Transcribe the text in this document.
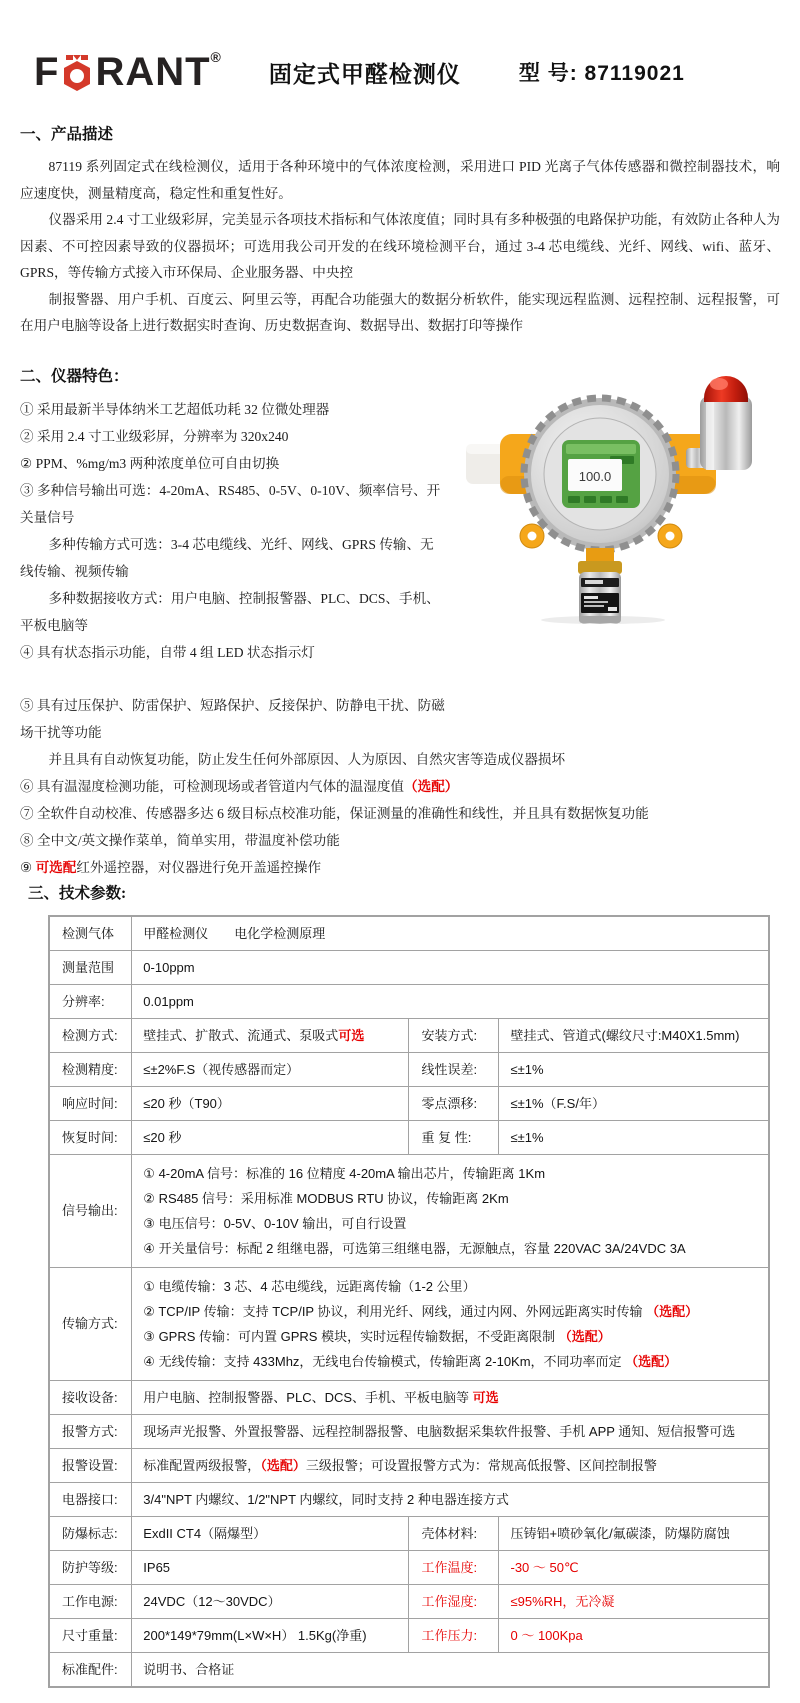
F RANT ®
固定式甲醛检测仪	型 号: 87119021
一、产品描述

87119 系列固定式在线检测仪，适用于各种环境中的气体浓度检测，采用进口 PID 光离子气体传感器和微控制器技术，响应速度快，测量精度高，稳定性和重复性好。

仪器采用 2.4 寸工业级彩屏，完美显示各项技术指标和气体浓度值；同时具有多种极强的电路保护功能，有效防止各种人为因素、不可控因素导致的仪器损坏；可选用我公司开发的在线环境检测平台，通过 3-4 芯电缆线、光纤、网线、wifi、蓝牙、GPRS，等传输方式接入市环保局、企业服务器、中央控

制报警器、用户手机、百度云、阿里云等，再配合功能强大的数据分析软件，能实现远程监测、远程控制、远程报警，可在用户电脑等设备上进行数据实时查询、历史数据查询、数据导出、数据打印等操作

二、仪器特色：

① 采用最新半导体纳米工艺超低功耗 32 位微处理器

② 采用 2.4 寸工业级彩屏，分辨率为 320x240

② PPM、%mg/m3 两种浓度单位可自由切换

③ 多种信号输出可选：4-20mA、RS485、0-5V、0-10V、频率信号、开关量信号

多种传输方式可选：3-4 芯电缆线、光纤、网线、GPRS 传输、无线传输、视频传输

多种数据接收方式：用户电脑、控制报警器、PLC、DCS、手机、平板电脑等

④ 具有状态指示功能，自带 4 组 LED 状态指示灯

⑤ 具有过压保护、防雷保护、短路保护、反接保护、防静电干扰、防磁场干扰等功能

并且具有自动恢复功能，防止发生任何外部原因、人为原因、自然灾害等造成仪器损坏

⑥ 具有温湿度检测功能，可检测现场或者管道内气体的温湿度值（选配）

⑦ 全软件自动校准、传感器多达 6 级目标点校准功能，保证测量的准确性和线性，并且具有数据恢复功能

⑧ 全中文/英文操作菜单，简单实用，带温度补偿功能

⑨ 可选配红外遥控器，对仪器进行免开盖遥控操作

100.0
三、技术参数:
检测气体	甲醛检测仪　　电化学检测原理		
测量范围	0-10ppm		
分辨率:	0.01ppm		
检测方式:	壁挂式、扩散式、流通式、泵吸式可选	安装方式:	壁挂式、管道式(螺纹尺寸:M40X1.5mm)
检测精度:	≤±2%F.S（视传感器而定）	线性误差:	≤±1%
响应时间:	≤20 秒（T90）	零点漂移:	≤±1%（F.S/年）
恢复时间:	≤20 秒	重 复 性:	≤±1%
信号输出:	① 4-20mA 信号：标准的 16 位精度 4-20mA 输出芯片，传输距离 1Km
② RS485 信号：采用标准 MODBUS RTU 协议，传输距离 2Km
③ 电压信号：0-5V、0-10V 输出，可自行设置
④ 开关量信号：标配 2 组继电器，可选第三组继电器，无源触点，容量 220VAC 3A/24VDC 3A		

传输方式:	① 电缆传输：3 芯、4 芯电缆线，远距离传输（1-2 公里）
② TCP/IP 传输：支持 TCP/IP 协议，利用光纤、网线，通过内网、外网远距离实时传输 （选配）
③ GPRS 传输：可内置 GPRS 模块，实时远程传输数据，不受距离限制 （选配）
④ 无线传输：支持 433Mhz，无线电台传输模式，传输距离 2-10Km，不同功率而定 （选配）		

接收设备:	用户电脑、控制报警器、PLC、DCS、手机、平板电脑等 可选		
报警方式:	现场声光报警、外置报警器、远程控制器报警、电脑数据采集软件报警、手机 APP 通知、短信报警可选		
报警设置:	标准配置两级报警，（选配）三级报警；可设置报警方式为：常规高低报警、区间控制报警		
电器接口:	3/4"NPT 内螺纹、1/2"NPT 内螺纹，同时支持 2 种电器连接方式		
防爆标志:	ExdII CT4（隔爆型）	壳体材料:	压铸铝+喷砂氧化/氟碳漆，防爆防腐蚀
防护等级:	IP65	工作温度:	-30 ～ 50℃
工作电源:	24VDC（12～30VDC）	工作湿度:	≤95%RH，无冷凝
尺寸重量:	200*149*79mm(L×W×H） 1.5Kg(净重)	工作压力:	0 ～ 100Kpa
标准配件:	说明书、合格证		
